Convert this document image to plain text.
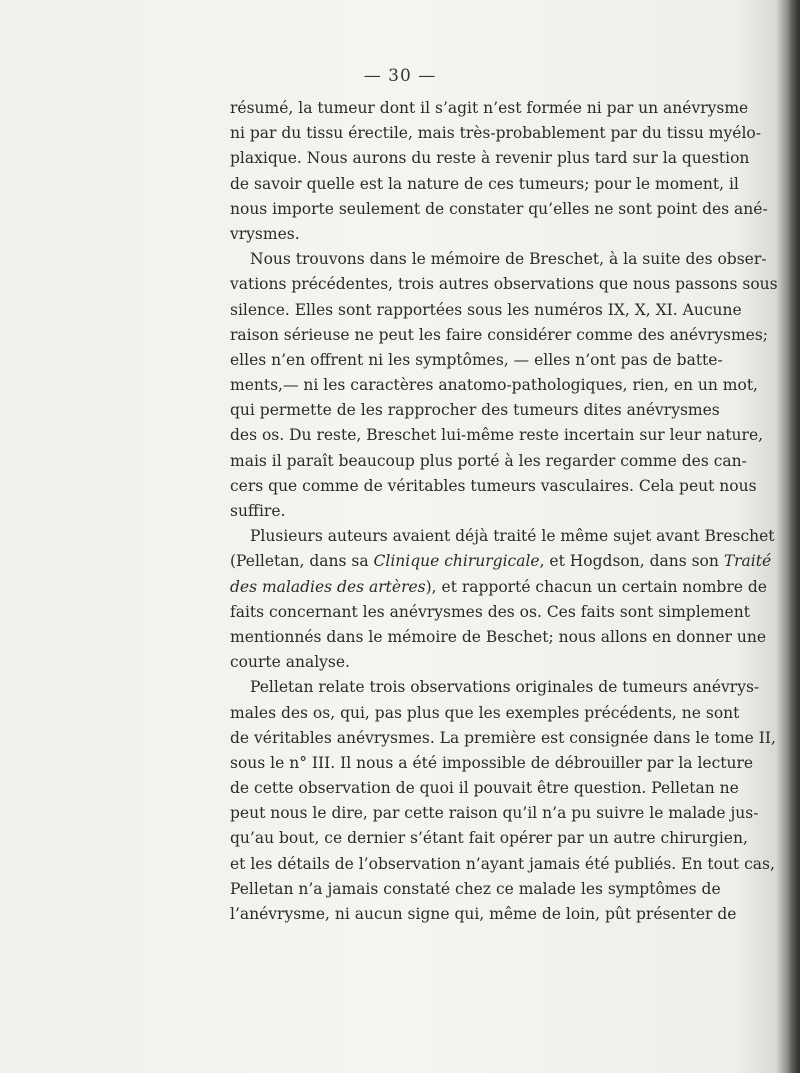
— 30 —
résumé, la tumeur dont il s’agit n’est formée ni par un anévrysme
ni par du tissu érectile, mais très-probablement par du tissu myélo-
plaxique. Nous aurons du reste à revenir plus tard sur la question
de savoir quelle est la nature de ces tumeurs; pour le moment, il
nous importe seulement de constater qu’elles ne sont point des ané-
vrysmes.
Nous trouvons dans le mémoire de Breschet, à la suite des obser-
vations précédentes, trois autres observations que nous passons sous
silence. Elles sont rapportées sous les numéros IX, X, XI. Aucune
raison sérieuse ne peut les faire considérer comme des anévrysmes;
elles n’en offrent ni les symptômes, — elles n’ont pas de batte-
ments,— ni les caractères anatomo-pathologiques, rien, en un mot,
qui permette de les rapprocher des tumeurs dites anévrysmes
des os. Du reste, Breschet lui-même reste incertain sur leur nature,
mais il paraît beaucoup plus porté à les regarder comme des can-
cers que comme de véritables tumeurs vasculaires. Cela peut nous
suffire.
Plusieurs auteurs avaient déjà traité le même sujet avant Breschet
(Pelletan, dans sa Clinique chirurgicale, et Hogdson, dans son Traité
des maladies des artères), et rapporté chacun un certain nombre de
faits concernant les anévrysmes des os. Ces faits sont simplement
mentionnés dans le mémoire de Beschet; nous allons en donner une
courte analyse.
Pelletan relate trois observations originales de tumeurs anévrys-
males des os, qui, pas plus que les exemples précédents, ne sont
de véritables anévrysmes. La première est consignée dans le tome II,
sous le n° III. Il nous a été impossible de débrouiller par la lecture
de cette observation de quoi il pouvait être question. Pelletan ne
peut nous le dire, par cette raison qu’il n’a pu suivre le malade jus-
qu’au bout, ce dernier s’étant fait opérer par un autre chirurgien,
et les détails de l’observation n’ayant jamais été publiés. En tout cas,
Pelletan n’a jamais constaté chez ce malade les symptômes de
l’anévrysme, ni aucun signe qui, même de loin, pût présenter de
